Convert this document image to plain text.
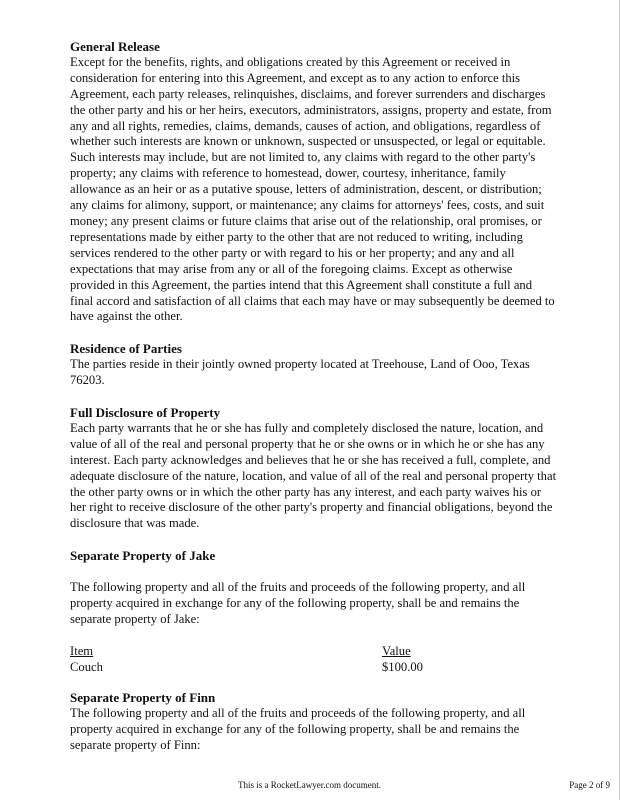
General Release

Except for the benefits, rights, and obligations created by this Agreement or received in consideration for entering into this Agreement, and except as to any action to enforce this Agreement, each party releases, relinquishes, disclaims, and forever surrenders and discharges the other party and his or her heirs, executors, administrators, assigns, property and estate, from any and all rights, remedies, claims, demands, causes of action, and obligations, regardless of whether such interests are known or unknown, suspected or unsuspected, or legal or equitable. Such interests may include, but are not limited to, any claims with regard to the other party's property; any claims with reference to homestead, dower, courtesy, inheritance, family allowance as an heir or as a putative spouse, letters of administration, descent, or distribution; any claims for alimony, support, or maintenance; any claims for attorneys' fees, costs, and suit money; any present claims or future claims that arise out of the relationship, oral promises, or representations made by either party to the other that are not reduced to writing, including services rendered to the other party or with regard to his or her property; and any and all expectations that may arise from any or all of the foregoing claims. Except as otherwise provided in this Agreement, the parties intend that this Agreement shall constitute a full and final accord and satisfaction of all claims that each may have or may subsequently be deemed to have against the other.

Residence of Parties

The parties reside in their jointly owned property located at Treehouse, Land of Ooo, Texas 76203.

Full Disclosure of Property

Each party warrants that he or she has fully and completely disclosed the nature, location, and value of all of the real and personal property that he or she owns or in which he or she has any interest. Each party acknowledges and believes that he or she has received a full, complete, and adequate disclosure of the nature, location, and value of all of the real and personal property that the other party owns or in which the other party has any interest, and each party waives his or her right to receive disclosure of the other party's property and financial obligations, beyond the disclosure that was made.

Separate Property of Jake

The following property and all of the fruits and proceeds of the following property, and all property acquired in exchange for any of the following property, shall be and remains the separate property of Jake:

Item	Value
Couch	$100.00
Separate Property of Finn

The following property and all of the fruits and proceeds of the following property, and all property acquired in exchange for any of the following property, shall be and remains the separate property of Finn:

This is a RocketLawyer.com document.	Page 2 of 9
